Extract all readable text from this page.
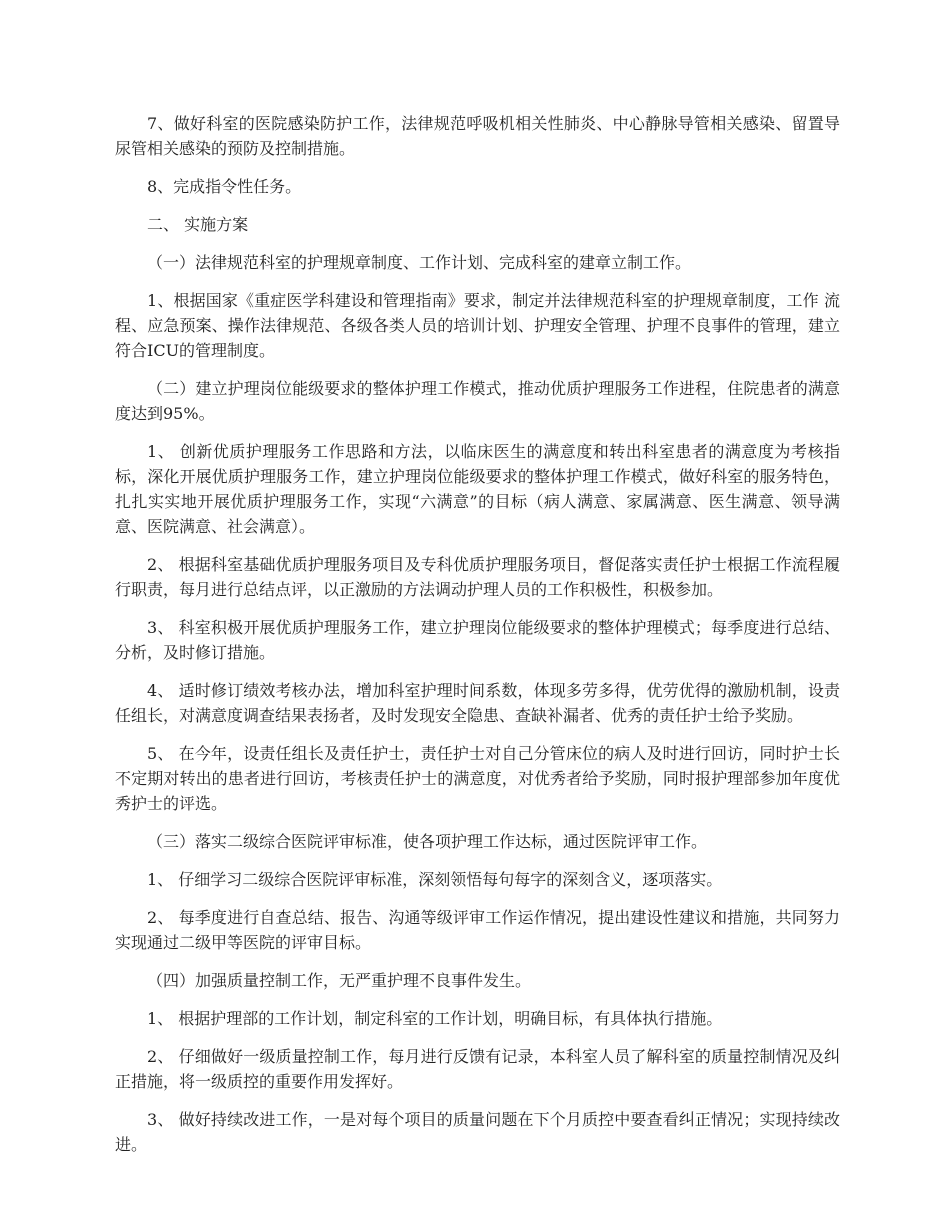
7、做好科室的医院感染防护工作，法律规范呼吸机相关性肺炎、中心静脉导管相关感染、留置导尿管相关感染的预防及控制措施。

8、完成指令性任务。

二、 实施方案

（一）法律规范科室的护理规章制度、工作计划、完成科室的建章立制工作。

1、根据国家《重症医学科建设和管理指南》要求，制定并法律规范科室的护理规章制度，工作 流程、应急预案、操作法律规范、各级各类人员的培训计划、护理安全管理、护理不良事件的管理，建立符合ICU的管理制度。

（二）建立护理岗位能级要求的整体护理工作模式，推动优质护理服务工作进程，住院患者的满意度达到95%。

1、 创新优质护理服务工作思路和方法，以临床医生的满意度和转出科室患者的满意度为考核指标，深化开展优质护理服务工作，建立护理岗位能级要求的整体护理工作模式，做好科室的服务特色，扎扎实实地开展优质护理服务工作，实现“六满意”的目标（病人满意、家属满意、医生满意、领导满意、医院满意、社会满意）。

2、 根据科室基础优质护理服务项目及专科优质护理服务项目，督促落实责任护士根据工作流程履行职责，每月进行总结点评，以正激励的方法调动护理人员的工作积极性，积极参加。

3、 科室积极开展优质护理服务工作，建立护理岗位能级要求的整体护理模式；每季度进行总结、分析，及时修订措施。

4、 适时修订绩效考核办法，增加科室护理时间系数，体现多劳多得，优劳优得的激励机制，设责任组长，对满意度调查结果表扬者，及时发现安全隐患、查缺补漏者、优秀的责任护士给予奖励。

5、 在今年，设责任组长及责任护士，责任护士对自己分管床位的病人及时进行回访，同时护士长不定期对转出的患者进行回访，考核责任护士的满意度，对优秀者给予奖励，同时报护理部参加年度优秀护士的评选。

（三）落实二级综合医院评审标准，使各项护理工作达标，通过医院评审工作。

1、 仔细学习二级综合医院评审标准，深刻领悟每句每字的深刻含义，逐项落实。

2、 每季度进行自查总结、报告、沟通等级评审工作运作情况，提出建设性建议和措施，共同努力实现通过二级甲等医院的评审目标。

（四）加强质量控制工作，无严重护理不良事件发生。

1、 根据护理部的工作计划，制定科室的工作计划，明确目标，有具体执行措施。

2、 仔细做好一级质量控制工作，每月进行反馈有记录，本科室人员了解科室的质量控制情况及纠正措施，将一级质控的重要作用发挥好。

3、 做好持续改进工作，一是对每个项目的质量问题在下个月质控中要查看纠正情况；实现持续改进。
